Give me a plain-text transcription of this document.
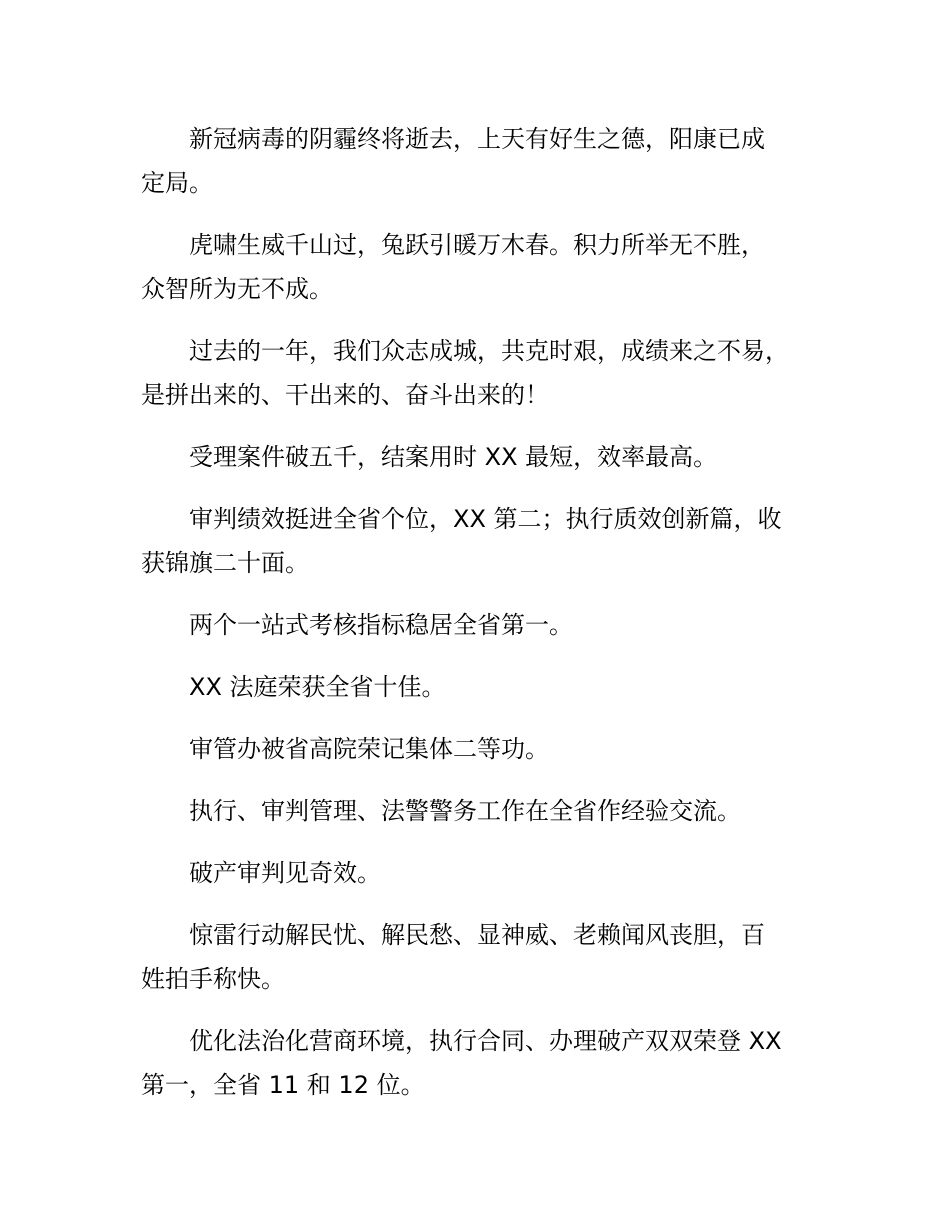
新冠病毒的阴霾终将逝去，上天有好生之德，阳康已成
定局。

虎啸生威千山过，兔跃引暖万木春。积力所举无不胜，
众智所为无不成。

过去的一年，我们众志成城，共克时艰，成绩来之不易，
是拼出来的、干出来的、奋斗出来的！

受理案件破五千，结案用时 XX 最短，效率最高。

审判绩效挺进全省个位，XX 第二；执行质效创新篇，收
获锦旗二十面。

两个一站式考核指标稳居全省第一。

XX 法庭荣获全省十佳。

审管办被省高院荣记集体二等功。

执行、审判管理、法警警务工作在全省作经验交流。

破产审判见奇效。

惊雷行动解民忧、解民愁、显神威、老赖闻风丧胆，百
姓拍手称快。

优化法治化营商环境，执行合同、办理破产双双荣登 XX
第一，全省 11 和 12 位。
